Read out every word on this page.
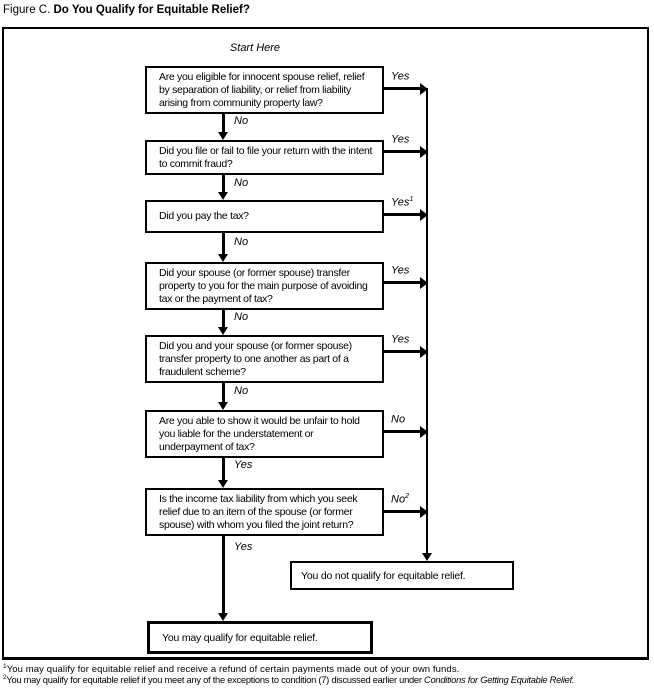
Figure C. Do You Qualify for Equitable Relief?
Start Here
Are you eligible for innocent spouse relief, relief by separation of liability, or relief from liability arising from community property law?
Did you file or fail to file your return with the intent to commit fraud?
Did you pay the tax?
Did your spouse (or former spouse) transfer property to you for the main purpose of avoiding tax or the payment of tax?
Did you and your spouse (or former spouse) transfer property to one another as part of a fraudulent scheme?
Are you able to show it would be unfair to hold you liable for the understatement or underpayment of tax?
Is the income tax liability from which you seek relief due to an item of the spouse (or former spouse) with whom you filed the joint return?
No
No
No
No
No
Yes
Yes
Yes
Yes
Yes$^1$
Yes
Yes
No
No$^2$
You do not qualify for equitable relief.
You may qualify for equitable relief.
$^1$You may qualify for equitable relief and receive a refund of certain payments made out of your own funds.
$^2$You may qualify for equitable relief if you meet any of the exceptions to condition (7) discussed earlier under Conditions for Getting Equitable Relief.
